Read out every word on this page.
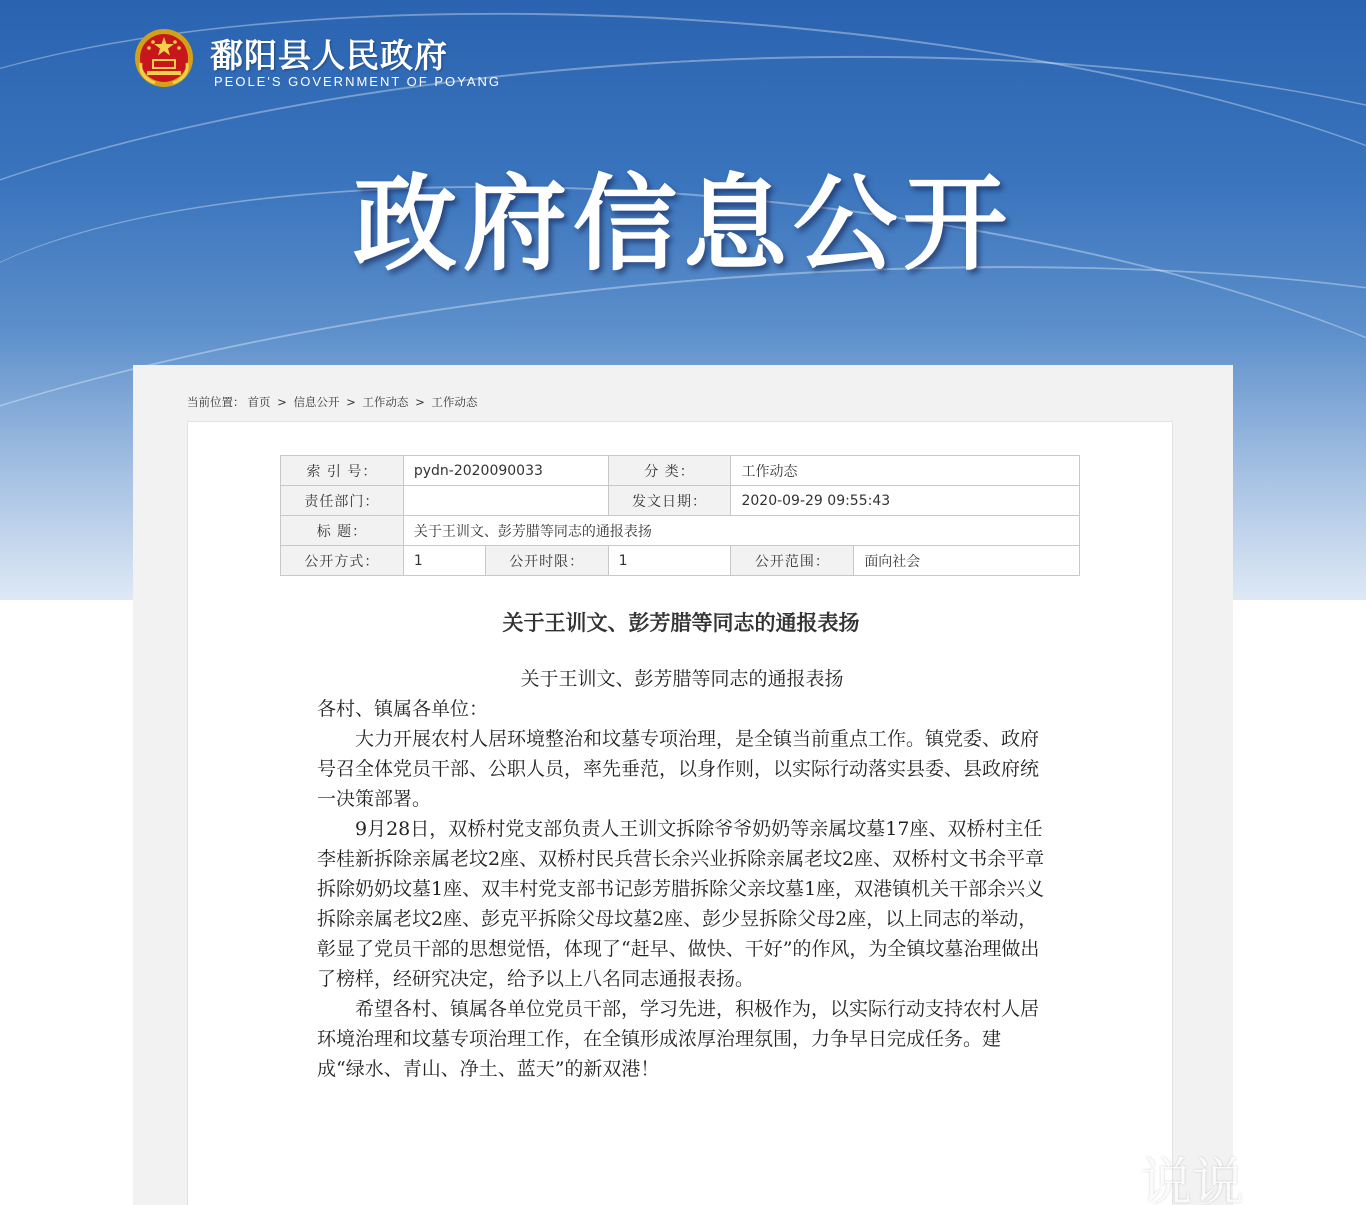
鄱阳县人民政府
PEOLE'S GOVERNMENT OF POYANG
政府信息公开
当前位置： 首页 > 信息公开 > 工作动态 > 工作动态
索 引 号：	pydn-2020090033		分 类：	工作动态	
责任部门：			发文日期：	2020-09-29 09:55:43	
标 题：	关于王训文、彭芳腊等同志的通报表扬				
公开方式：	1	公开时限：	1	公开范围：	面向社会
关于王训文、彭芳腊等同志的通报表扬

关于王训文、彭芳腊等同志的通报表扬

各村、镇属各单位：

大力开展农村人居环境整治和坟墓专项治理，是全镇当前重点工作。镇党委、政府号召全体党员干部、公职人员，率先垂范，以身作则，以实际行动落实县委、县政府统一决策部署。

9月28日，双桥村党支部负责人王训文拆除爷爷奶奶等亲属坟墓17座、双桥村主任李桂新拆除亲属老坟2座、双桥村民兵营长余兴业拆除亲属老坟2座、双桥村文书余平章拆除奶奶坟墓1座、双丰村党支部书记彭芳腊拆除父亲坟墓1座，双港镇机关干部余兴义拆除亲属老坟2座、彭克平拆除父母坟墓2座、彭少昱拆除父母2座，以上同志的举动，彰显了党员干部的思想觉悟，体现了“赶早、做快、干好”的作风，为全镇坟墓治理做出了榜样，经研究决定，给予以上八名同志通报表扬。

希望各村、镇属各单位党员干部，学习先进，积极作为，以实际行动支持农村人居环境治理和坟墓专项治理工作，在全镇形成浓厚治理氛围，力争早日完成任务。建成“绿水、青山、净土、蓝天”的新双港！

说说
